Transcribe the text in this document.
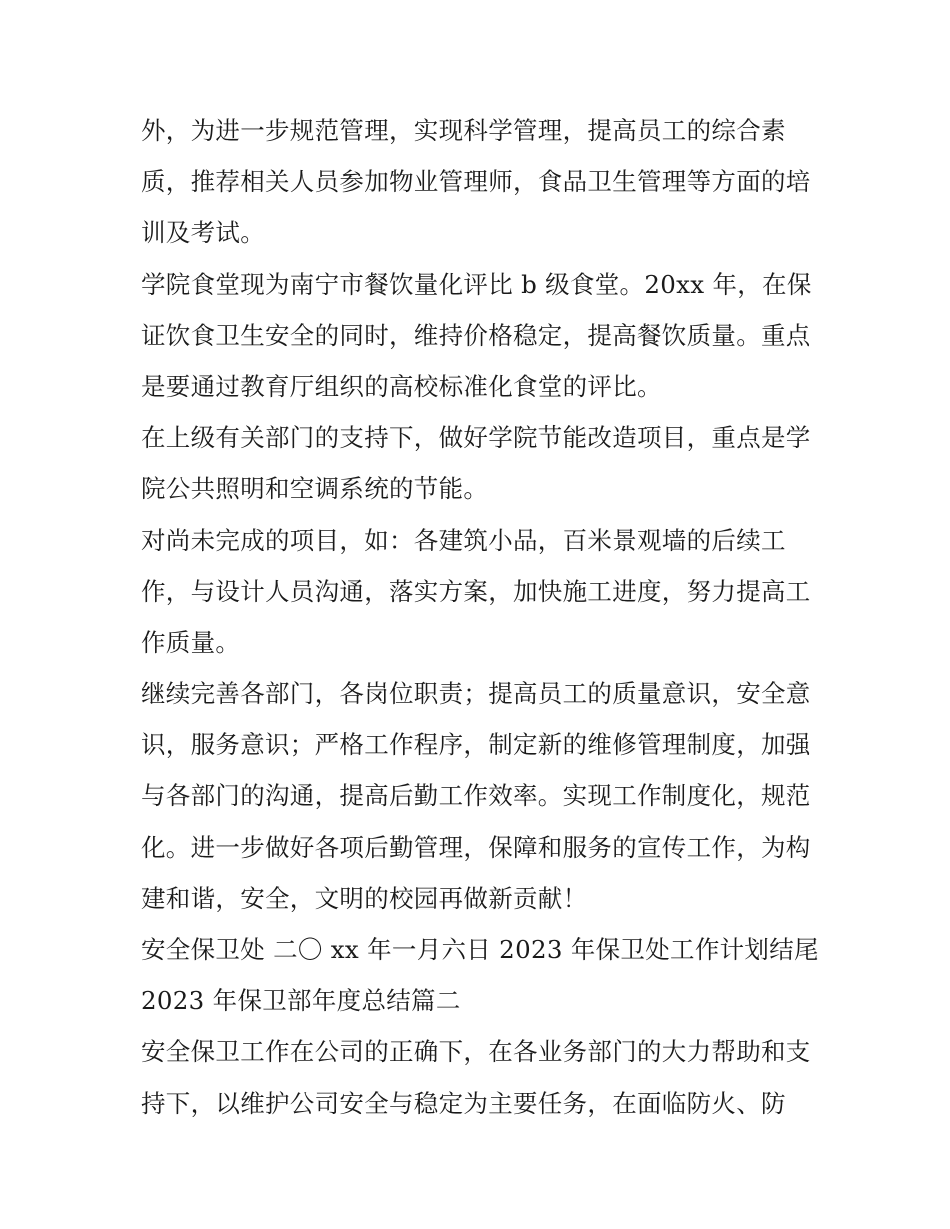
外，为进一步规范管理，实现科学管理，提高员工的综合素
质，推荐相关人员参加物业管理师，食品卫生管理等方面的培
训及考试。
学院食堂现为南宁市餐饮量化评比 b 级食堂。20xx 年，在保
证饮食卫生安全的同时，维持价格稳定，提高餐饮质量。重点
是要通过教育厅组织的高校标准化食堂的评比。
在上级有关部门的支持下，做好学院节能改造项目，重点是学
院公共照明和空调系统的节能。
对尚未完成的项目，如：各建筑小品，百米景观墙的后续工
作，与设计人员沟通，落实方案，加快施工进度，努力提高工
作质量。
继续完善各部门，各岗位职责；提高员工的质量意识，安全意
识，服务意识；严格工作程序，制定新的维修管理制度，加强
与各部门的沟通，提高后勤工作效率。实现工作制度化，规范
化。进一步做好各项后勤管理，保障和服务的宣传工作，为构
建和谐，安全，文明的校园再做新贡献！
安全保卫处 二〇 xx 年一月六日 2023 年保卫处工作计划结尾
2023 年保卫部年度总结篇二
安全保卫工作在公司的正确下，在各业务部门的大力帮助和支
持下，以维护公司安全与稳定为主要任务，在面临防火、防
